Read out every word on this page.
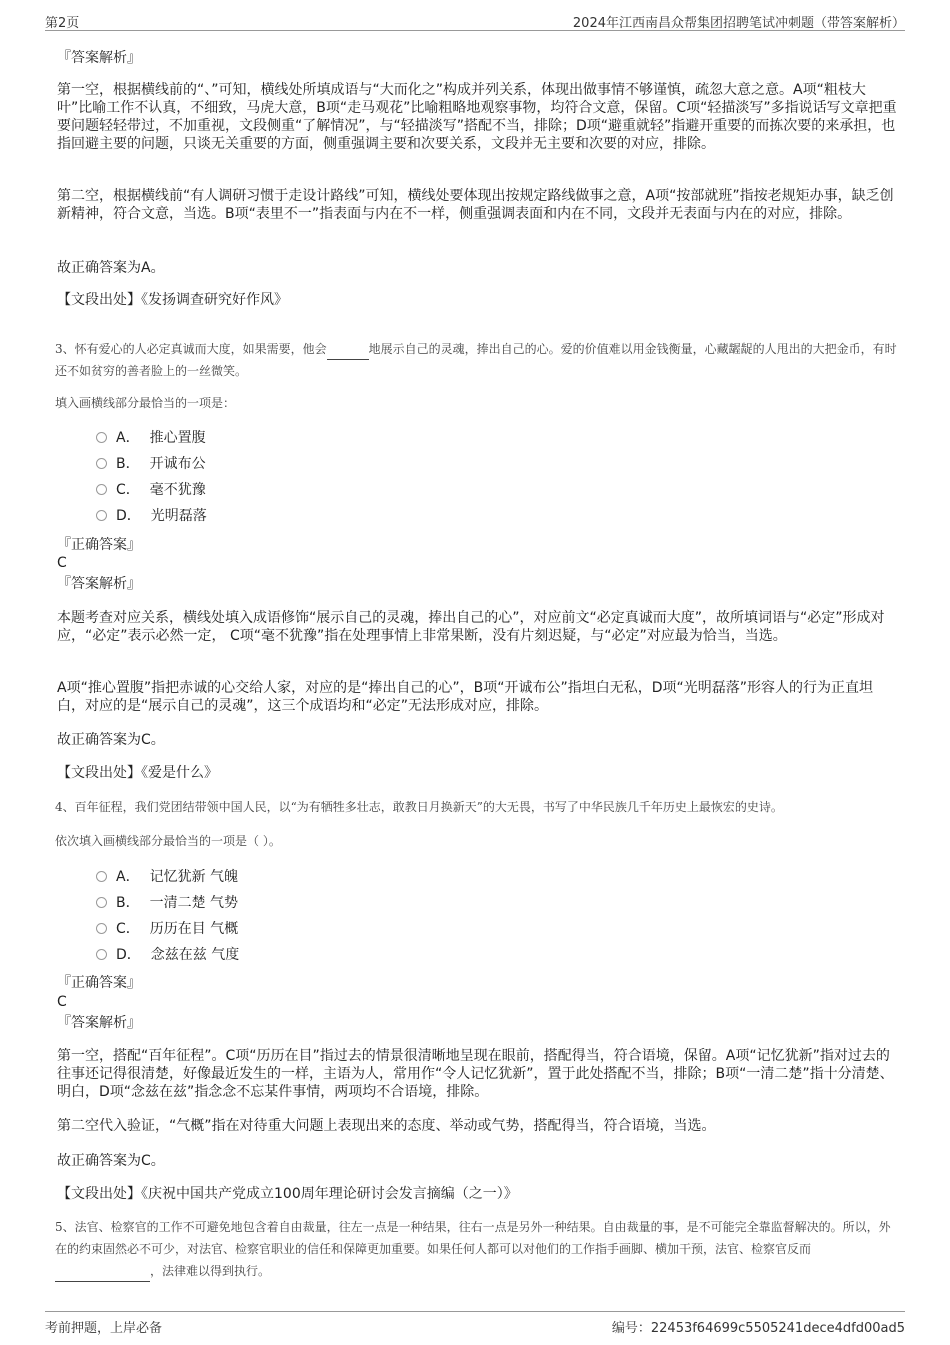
第2页	2024年江西南昌众帮集团招聘笔试冲刺题（带答案解析）
『答案解析』
第一空，根据横线前的“、”可知，横线处所填成语与“大而化之”构成并列关系，体现出做事情不够谨慎，疏忽大意之意。A项“粗枝大叶”比喻工作不认真，不细致，马虎大意，B项“走马观花”比喻粗略地观察事物，均符合文意，保留。C项“轻描淡写”多指说话写文章把重要问题轻轻带过，不加重视，文段侧重“了解情况”，与“轻描淡写”搭配不当，排除；D项“避重就轻”指避开重要的而拣次要的来承担，也指回避主要的问题，只谈无关重要的方面，侧重强调主要和次要关系，文段并无主要和次要的对应，排除。
第二空，根据横线前“有人调研习惯于走设计路线”可知，横线处要体现出按规定路线做事之意，A项“按部就班”指按老规矩办事，缺乏创新精神，符合文意，当选。B项“表里不一”指表面与内在不一样，侧重强调表面和内在不同，文段并无表面与内在的对应，排除。
故正确答案为A。
【文段出处】《发扬调查研究好作风》
3、怀有爱心的人必定真诚而大度，如果需要，他会	地展示自己的灵魂，捧出自己的心。爱的价值难以用金钱衡量，心藏龌龊的人甩出的大把金币，有时还不如贫穷的善者脸上的一丝微笑。
填入画横线部分最恰当的一项是：
A． 推心置腹
B． 开诚布公
C． 毫不犹豫
D． 光明磊落
『正确答案』
C
『答案解析』
本题考查对应关系，横线处填入成语修饰“展示自己的灵魂，捧出自己的心”，对应前文“必定真诚而大度”，故所填词语与“必定”形成对应，“必定”表示必然一定， C项“毫不犹豫”指在处理事情上非常果断，没有片刻迟疑，与“必定”对应最为恰当，当选。
A项“推心置腹”指把赤诚的心交给人家，对应的是“捧出自己的心”，B项“开诚布公”指坦白无私，D项“光明磊落”形容人的行为正直坦白，对应的是“展示自己的灵魂”，这三个成语均和“必定”无法形成对应，排除。
故正确答案为C。
【文段出处】《爱是什么》
4、百年征程，我们党团结带领中国人民，以“为有牺牲多壮志，敢教日月换新天”的大无畏，书写了中华民族几千年历史上最恢宏的史诗。
依次填入画横线部分最恰当的一项是（ ）。
A． 记忆犹新 气魄
B． 一清二楚 气势
C． 历历在目 气概
D． 念兹在兹 气度
『正确答案』
C
『答案解析』
第一空，搭配“百年征程”。C项“历历在目”指过去的情景很清晰地呈现在眼前，搭配得当，符合语境，保留。A项“记忆犹新”指对过去的往事还记得很清楚，好像最近发生的一样，主语为人，常用作“令人记忆犹新”，置于此处搭配不当，排除；B项“一清二楚”指十分清楚、明白，D项“念兹在兹”指念念不忘某件事情，两项均不合语境，排除。
第二空代入验证，“气概”指在对待重大问题上表现出来的态度、举动或气势，搭配得当，符合语境，当选。
故正确答案为C。
【文段出处】《庆祝中国共产党成立100周年理论研讨会发言摘编（之一）》
5、法官、检察官的工作不可避免地包含着自由裁量，往左一点是一种结果，往右一点是另外一种结果。自由裁量的事，是不可能完全靠监督解决的。所以，外在的约束固然必不可少，对法官、检察官职业的信任和保障更加重要。如果任何人都可以对他们的工作指手画脚、横加干预，法官、检察官反而，法律难以得到执行。
考前押题，上岸必备	编号：22453f64699c5505241dece4dfd00ad5
